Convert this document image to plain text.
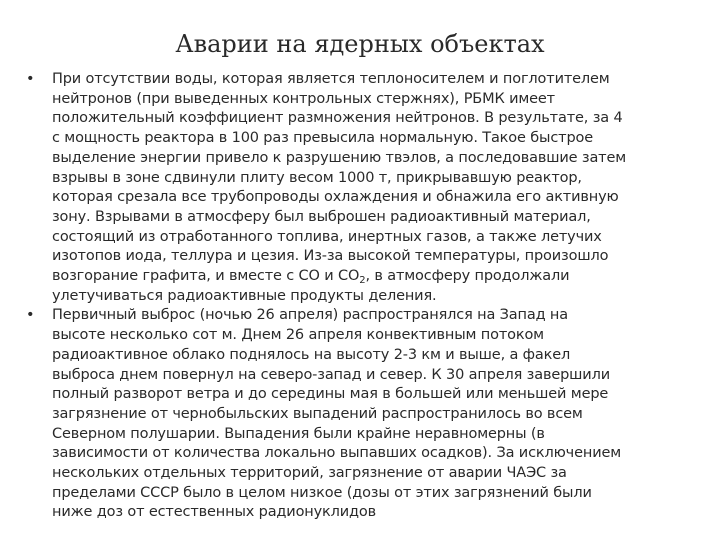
Аварии на ядерных объектах
• При отсутствии воды, которая является теплоносителем и поглотителем
нейтронов (при выведенных контрольных стержнях), РБМК имеет
положительный коэффициент размножения нейтронов. В результате, за 4
с мощность реактора в 100 раз превысила нормальную. Такое быстрое
выделение энергии привело к разрушению твэлов, а последовавшие затем
взрывы в зоне сдвинули плиту весом 1000 т, прикрывавшую реактор,
которая срезала все трубопроводы охлаждения и обнажила его активную
зону. Взрывами в атмосферу был выброшен радиоактивный материал,
состоящий из отработанного топлива, инертных газов, а также летучих
изотопов иода, теллура и цезия. Из-за высокой температуры, произошло
возгорание графита, и вместе с СО и $СО_2$, в атмосферу продолжали
улетучиваться радиоактивные продукты деления.
• Первичный выброс (ночью 26 апреля) распространялся на Запад на
высоте несколько сот м. Днем 26 апреля конвективным потоком
радиоактивное облако поднялось на высоту 2-3 км и выше, а факел
выброса днем повернул на северо-запад и север. К 30 апреля завершили
полный разворот ветра и до середины мая в большей или меньшей мере
загрязнение от чернобыльских выпадений распространилось во всем
Северном полушарии. Выпадения были крайне неравномерны (в
зависимости от количества локально выпавших осадков). За исключением
нескольких отдельных территорий, загрязнение от аварии ЧАЭС за
пределами СССР было в целом низкое (дозы от этих загрязнений были
ниже доз от естественных радионуклидов
